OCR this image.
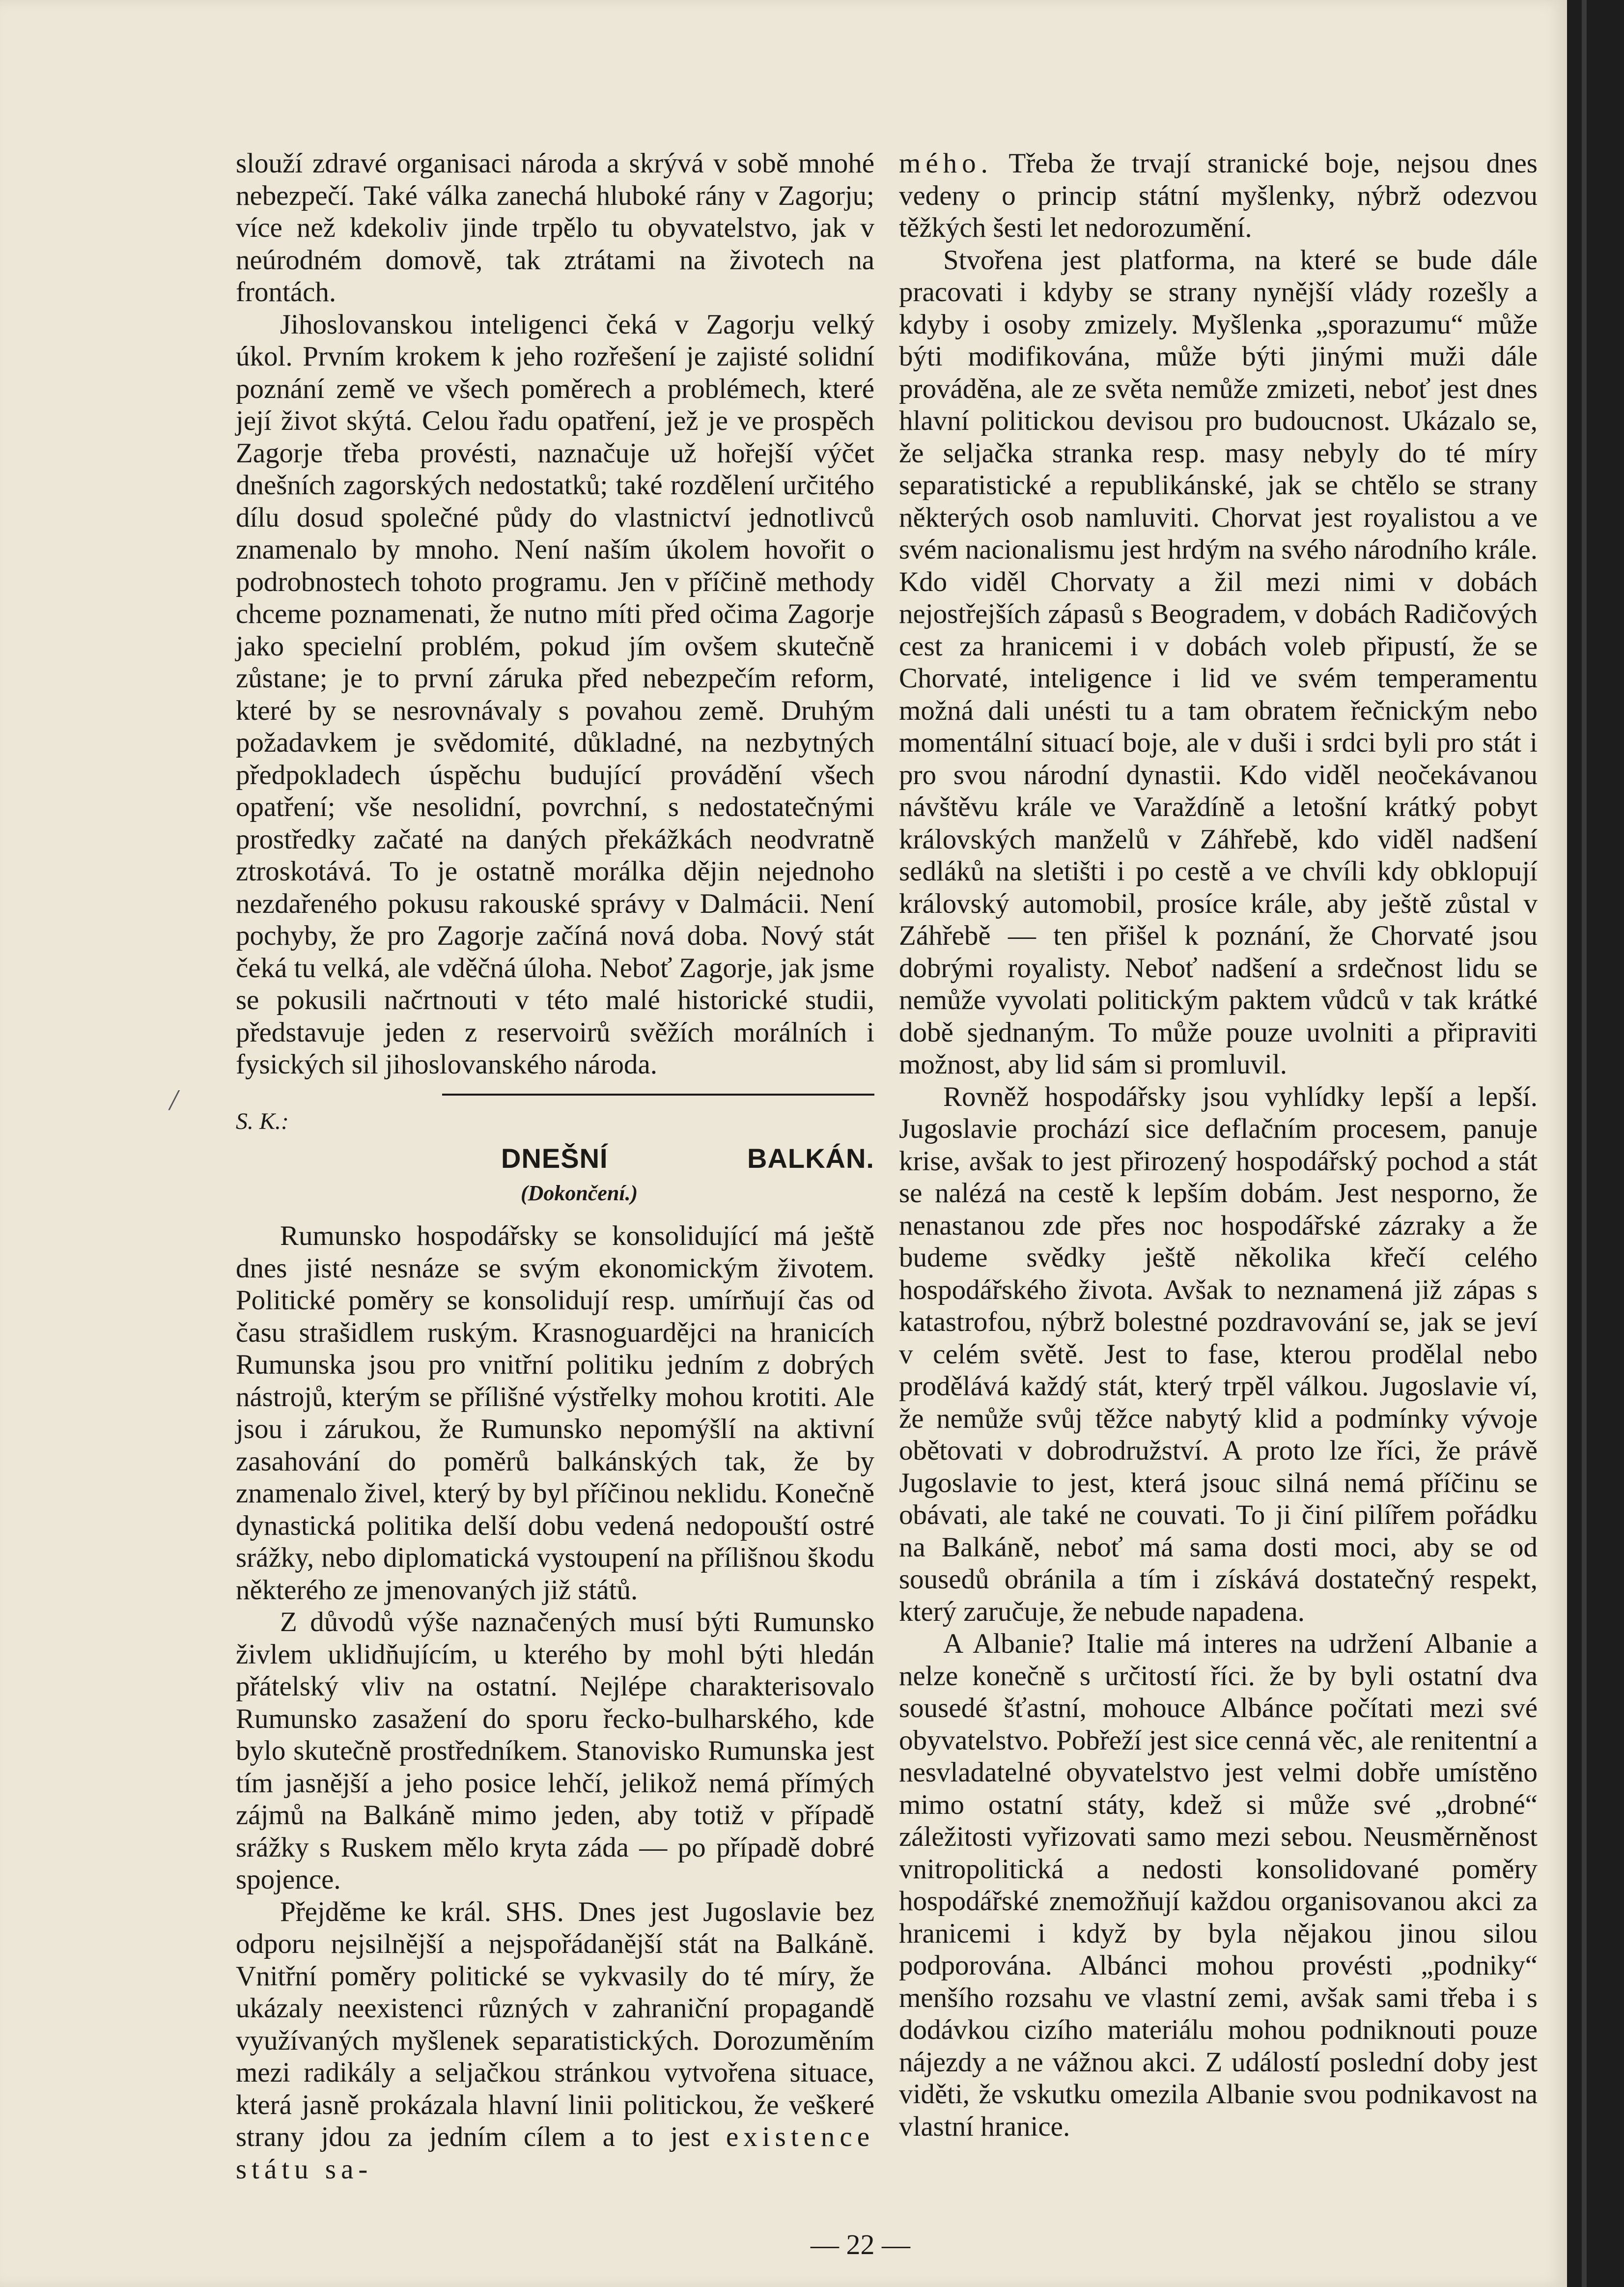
slouží zdravé organisaci národa a skrývá v sobě mnohé nebezpečí. Také válka zanechá hluboké rány v Zagorju; více než kdekoliv jinde trpělo tu obyvatelstvo, jak v neúrodném domově, tak ztrátami na životech na frontách.

Jihoslovanskou inteligenci čeká v Zagorju velký úkol. Prvním krokem k jeho rozřešení je zajisté solidní poznání země ve všech poměrech a problémech, které její život skýtá. Celou řadu opatření, jež je ve prospěch Zagorje třeba provésti, naznačuje už hořejší výčet dnešních zagorských nedostatků; také rozdělení určitého dílu dosud společné půdy do vlastnictví jednotlivců znamenalo by mnoho. Není naším úkolem hovořit o podrobnostech tohoto programu. Jen v příčině methody chceme poznamenati, že nutno míti před očima Zagorje jako specielní problém, pokud jím ovšem skutečně zůstane; je to první záruka před nebezpečím reform, které by se nesrovnávaly s povahou země. Druhým požadavkem je svědomité, důkladné, na nezbytných předpokladech úspěchu budující provádění všech opatření; vše nesolidní, povrchní, s nedostatečnými prostředky začaté na daných překážkách neodvratně ztroskotává. To je ostatně morálka dějin nejednoho nezdařeného pokusu rakouské správy v Dalmácii. Není pochyby, že pro Zagorje začíná nová doba. Nový stát čeká tu velká, ale vděčná úloha. Neboť Zagorje, jak jsme se pokusili načrtnouti v této malé historické studii, představuje jeden z reservoirů svěžích morálních i fysických sil jihoslovanského národa.

S. K.:
DNEŠNÍ BALKÁN.(Dokončení.)

Rumunsko hospodářsky se konsolidující má ještě dnes jisté nesnáze se svým ekonomickým životem. Politické poměry se konsolidují resp. umírňují čas od času strašidlem ruským. Krasnoguardějci na hranicích Rumunska jsou pro vnitřní politiku jedním z dobrých nástrojů, kterým se přílišné výstřelky mohou krotiti. Ale jsou i zárukou, že Rumunsko nepomýšlí na aktivní zasahování do poměrů balkánských tak, že by znamenalo živel, který by byl příčinou neklidu. Konečně dynastická politika delší dobu vedená nedopouští ostré srážky, nebo diplomatická vystoupení na přílišnou škodu některého ze jmenovaných již států.

Z důvodů výše naznačených musí býti Rumunsko živlem uklidňujícím, u kterého by mohl býti hledán přátelský vliv na ostatní. Nejlépe charakterisovalo Rumunsko zasažení do sporu řecko-bulharského, kde bylo skutečně prostředníkem. Stanovisko Rumunska jest tím jasnější a jeho posice lehčí, jelikož nemá přímých zájmů na Balkáně mimo jeden, aby totiž v případě srážky s Ruskem mělo kryta záda — po případě dobré spojence.

Přejděme ke král. SHS. Dnes jest Jugoslavie bez odporu nejsilnější a nejspořádanější stát na Balkáně. Vnitřní poměry politické se vykvasily do té míry, že ukázaly neexistenci různých v zahraniční propagandě využívaných myšlenek separatistických. Dorozuměním mezi radikály a seljačkou stránkou vytvořena situace, která jasně prokázala hlavní linii politickou, že veškeré strany jdou za jedním cílem a to jest existence státu sa-

mého. Třeba že trvají stranické boje, nejsou dnes vedeny o princip státní myšlenky, nýbrž odezvou těžkých šesti let nedorozumění.

Stvořena jest platforma, na které se bude dále pracovati i kdyby se strany nynější vlády rozešly a kdyby i osoby zmizely. Myšlenka „sporazumu“ může býti modifikována, může býti jinými muži dále prováděna, ale ze světa nemůže zmizeti, neboť jest dnes hlavní politickou devisou pro budoucnost. Ukázalo se, že seljačka stranka resp. masy nebyly do té míry separatistické a republikánské, jak se chtělo se strany některých osob namluviti. Chorvat jest royalistou a ve svém nacionalismu jest hrdým na svého národního krále. Kdo viděl Chorvaty a žil mezi nimi v dobách nejostřejších zápasů s Beogradem, v dobách Radičových cest za hranicemi i v dobách voleb připustí, že se Chorvaté, inteligence i lid ve svém temperamentu možná dali unésti tu a tam obratem řečnickým nebo momentální situací boje, ale v duši i srdci byli pro stát i pro svou národní dynastii. Kdo viděl neočekávanou návštěvu krále ve Varaždíně a letošní krátký pobyt královských manželů v Záhřebě, kdo viděl nadšení sedláků na sletišti i po cestě a ve chvíli kdy obklopují královský automobil, prosíce krále, aby ještě zůstal v Záhřebě — ten přišel k poznání, že Chorvaté jsou dobrými royalisty. Neboť nadšení a srdečnost lidu se nemůže vyvolati politickým paktem vůdců v tak krátké době sjednaným. To může pouze uvolniti a připraviti možnost, aby lid sám si promluvil.

Rovněž hospodářsky jsou vyhlídky lepší a lepší. Jugoslavie prochází sice deflačním procesem, panuje krise, avšak to jest přirozený hospodářský pochod a stát se nalézá na cestě k lepším dobám. Jest nesporno, že nenastanou zde přes noc hospodářské zázraky a že budeme svědky ještě několika křečí celého hospodářského života. Avšak to neznamená již zápas s katastrofou, nýbrž bolestné pozdravování se, jak se jeví v celém světě. Jest to fase, kterou prodělal nebo prodělává každý stát, který trpěl válkou. Jugoslavie ví, že nemůže svůj těžce nabytý klid a podmínky vývoje obětovati v dobrodružství. A proto lze říci, že právě Jugoslavie to jest, která jsouc silná nemá příčinu se obávati, ale také ne couvati. To ji činí pilířem pořádku na Balkáně, neboť má sama dosti moci, aby se od sousedů obránila a tím i získává dostatečný respekt, který zaručuje, že nebude napadena.

A Albanie? Italie má interes na udržení Albanie a nelze konečně s určitostí říci. že by byli ostatní dva sousedé šťastní, mohouce Albánce počítati mezi své obyvatelstvo. Pobřeží jest sice cenná věc, ale renitentní a nesvladatelné obyvatelstvo jest velmi dobře umístěno mimo ostatní státy, kdež si může své „drobné“ záležitosti vyřizovati samo mezi sebou. Neusměrněnost vnitropolitická a nedosti konsolidované poměry hospodářské znemožňují každou organisovanou akci za hranicemi i když by byla nějakou jinou silou podporována. Albánci mohou provésti „podniky“ menšího rozsahu ve vlastní zemi, avšak sami třeba i s dodávkou cizího materiálu mohou podniknouti pouze nájezdy a ne vážnou akci. Z událostí poslední doby jest viděti, že vskutku omezila Albanie svou podnikavost na vlastní hranice.

/
— 22 —
